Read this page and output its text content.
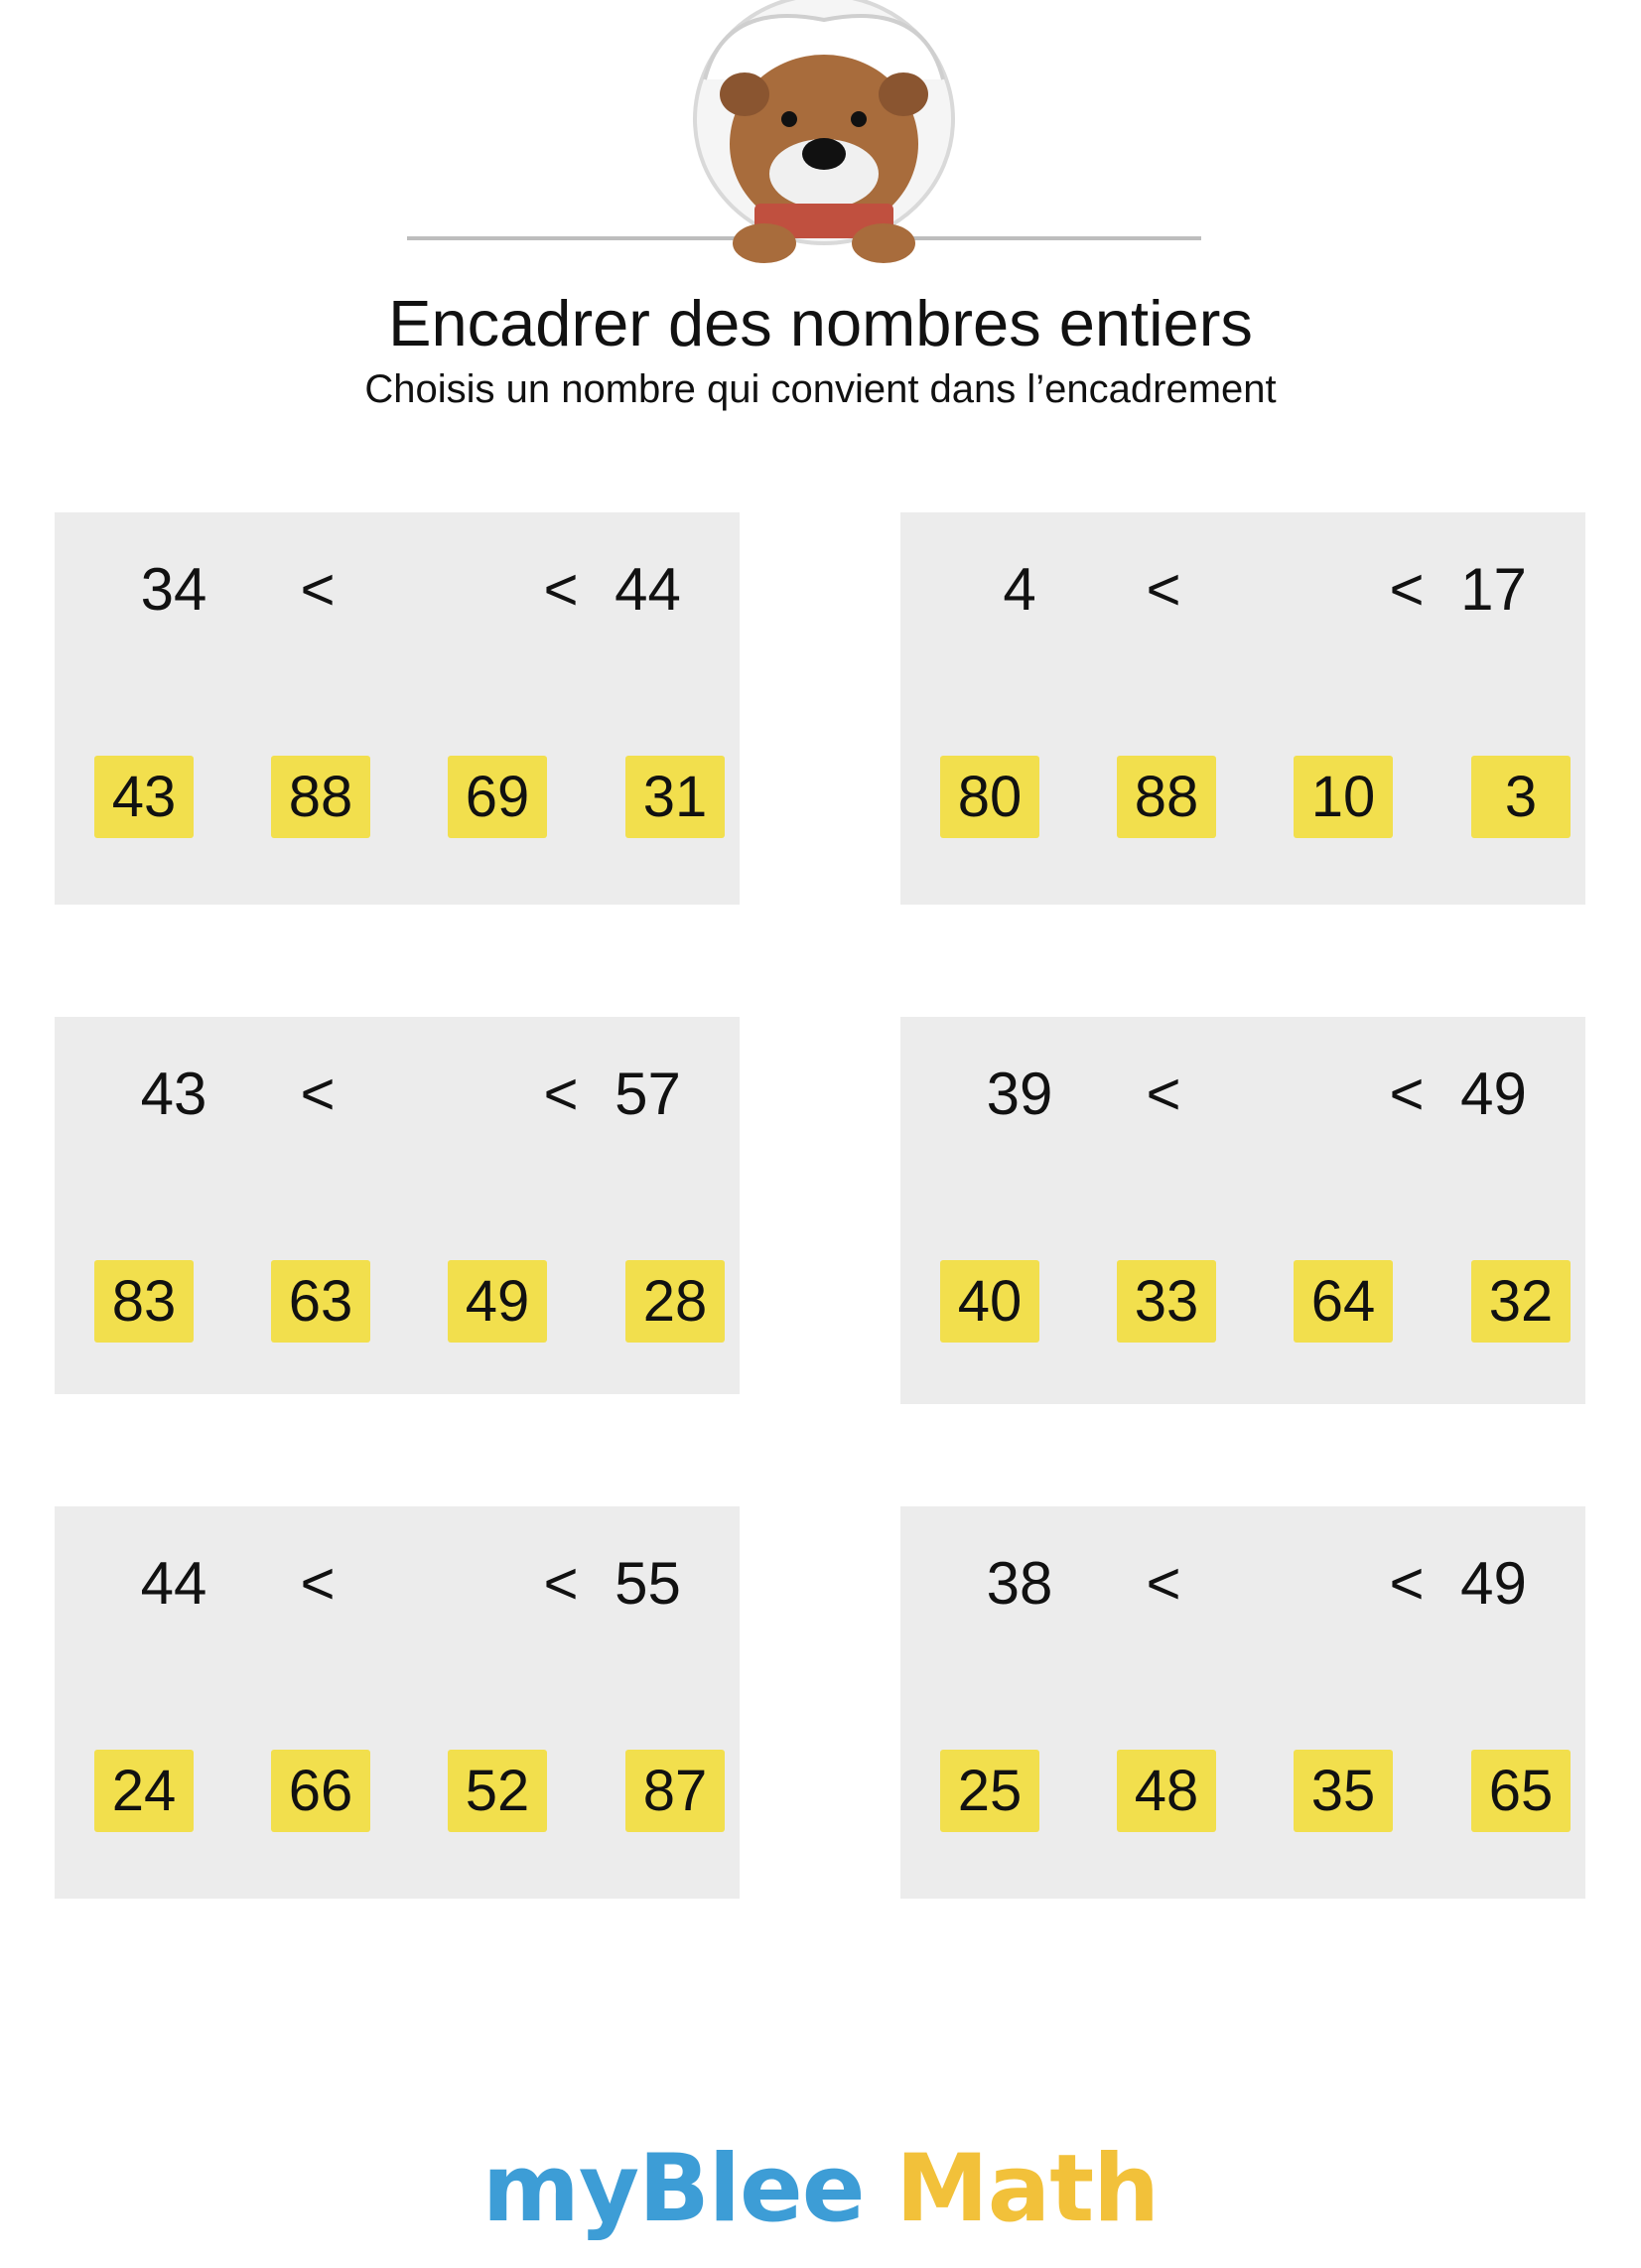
Encadrer des nombres entiers
Choisis un nombre qui convient dans l’encadrement
34	<	< 44
43	88	69	31
4	<	< 17
80	88	10	3
43	<	< 57
83	63	49	28
39	<	< 49
40	33	64	32
44	<	< 55
24	66	52	87
38	<	< 49
25	48	35	65
myBlee Math
